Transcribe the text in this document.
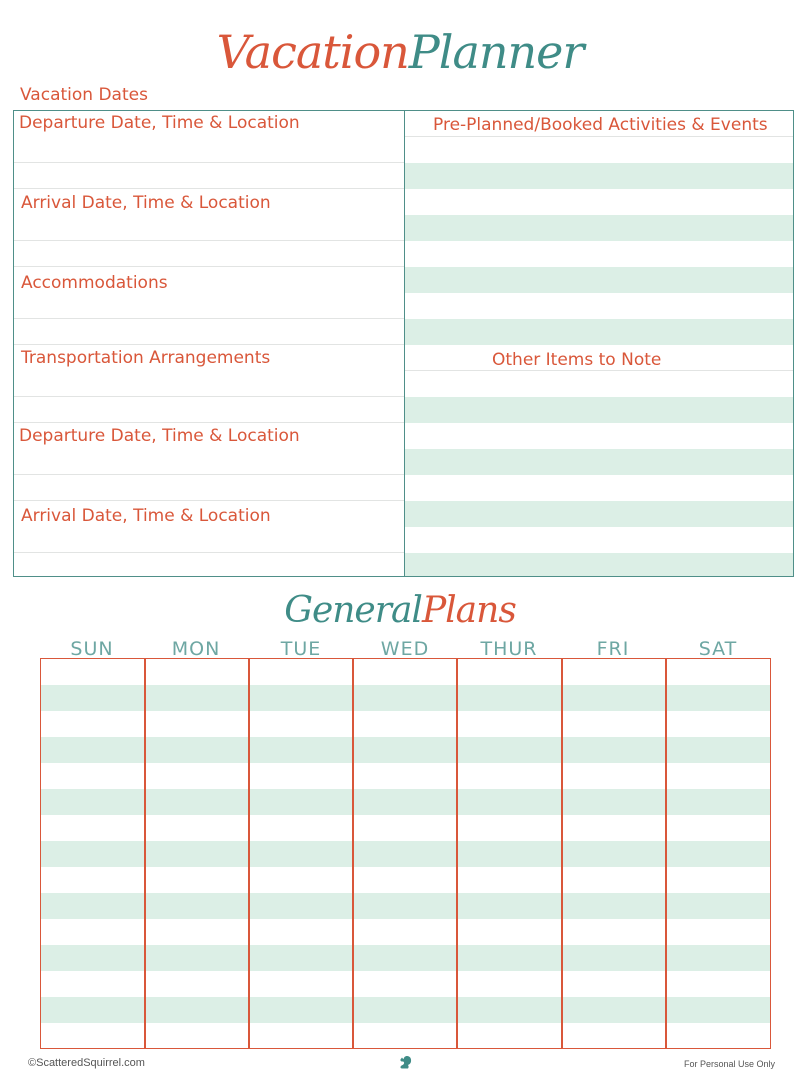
VacationPlanner
Vacation Dates
Departure Date, Time & Location
Arrival Date, Time & Location
Accommodations
Transportation Arrangements
Departure Date, Time & Location
Arrival Date, Time & Location
Pre-Planned/Booked Activities & Events
Other Items to Note
GeneralPlans
SUN	MON	TUE	WED	THUR	FRI	SAT
©ScatteredSquirrel.com	For Personal Use Only
